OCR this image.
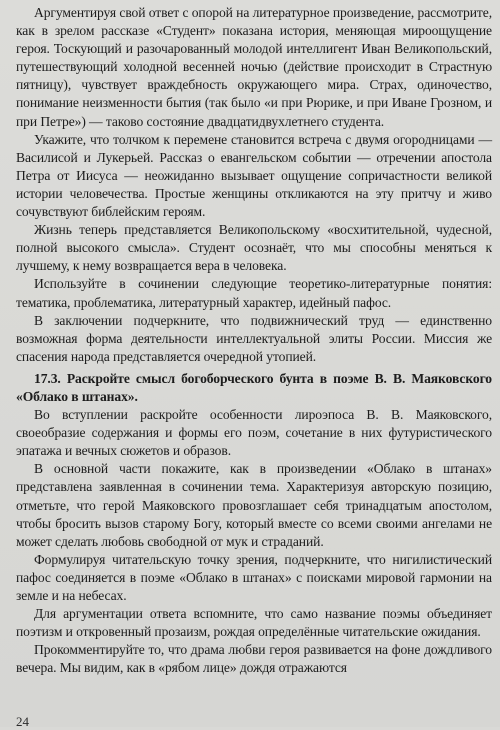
Аргументируя свой ответ с опорой на литературное произведение, рассмотрите, как в зрелом рассказе «Студент» показана история, меняющая мироощущение героя. Тоскующий и разочарованный молодой интеллигент Иван Великопольский, путешествующий холодной весенней ночью (действие происходит в Страстную пятницу), чувствует враждебность окружающего мира. Страх, одиночество, понимание неизменности бытия (так было «и при Рюрике, и при Иване Грозном, и при Петре») — таково состояние двадцатидвухлетнего студента.

Укажите, что толчком к перемене становится встреча с двумя огородницами — Василисой и Лукерьей. Рассказ о евангельском событии — отречении апостола Петра от Иисуса — неожиданно вызывает ощущение сопричастности великой истории человечества. Простые женщины откликаются на эту притчу и живо сочувствуют библейским героям.

Жизнь теперь представляется Великопольскому «восхитительной, чудесной, полной высокого смысла». Студент осознаёт, что мы способны меняться к лучшему, к нему возвращается вера в человека.

Используйте в сочинении следующие теоретико-литературные понятия: тематика, проблематика, литературный характер, идейный пафос.

В заключении подчеркните, что подвижнический труд — единственно возможная форма деятельности интеллектуальной элиты России. Миссия же спасения народа представляется очередной утопией.

17.3. Раскройте смысл богоборческого бунта в поэме В. В. Маяковского «Облако в штанах».

Во вступлении раскройте особенности лироэпоса В. В. Маяковского, своеобразие содержания и формы его поэм, сочетание в них футуристического эпатажа и вечных сюжетов и образов.

В основной части покажите, как в произведении «Облако в штанах» представлена заявленная в сочинении тема. Характеризуя авторскую позицию, отметьте, что герой Маяковского провозглашает себя тринадцатым апостолом, чтобы бросить вызов старому Богу, который вместе со всеми своими ангелами не может сделать любовь свободной от мук и страданий.

Формулируя читательскую точку зрения, подчеркните, что нигилистический пафос соединяется в поэме «Облако в штанах» с поисками мировой гармонии на земле и на небесах.

Для аргументации ответа вспомните, что само название поэмы объединяет поэтизм и откровенный прозаизм, рождая определённые читательские ожидания.

Прокомментируйте то, что драма любви героя развивается на фоне дождливого вечера. Мы видим, как в «рябом лице» дождя отражаются

24
